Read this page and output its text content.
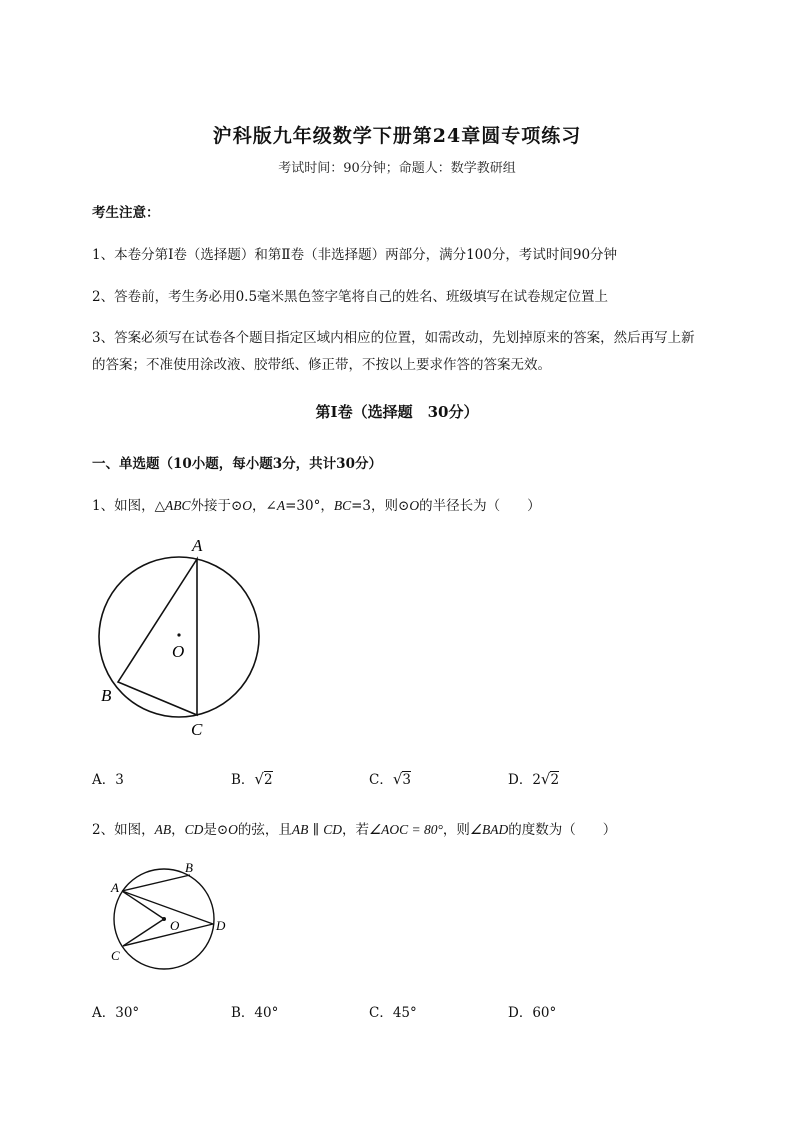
沪科版九年级数学下册第24章圆专项练习
考试时间：90分钟；命题人：数学教研组
考生注意：
1、本卷分第I卷（选择题）和第Ⅱ卷（非选择题）两部分，满分100分，考试时间90分钟
2、答卷前，考生务必用0.5毫米黑色签字笔将自己的姓名、班级填写在试卷规定位置上
3、答案必须写在试卷各个题目指定区域内相应的位置，如需改动，先划掉原来的答案，然后再写上新
的答案；不准使用涂改液、胶带纸、修正带，不按以上要求作答的答案无效。
第I卷（选择题　30分）
一、单选题（10小题，每小题3分，共计30分）
1、如图，△ABC外接于⊙O，∠A=30°，BC=3，则⊙O的半径长为（　　）
A
B
C
O
A．3	B．√2	C．√3	D．2√2
2、如图，AB，CD是⊙O的弦，且AB ∥ CD，若∠AOC = 80°，则∠BAD的度数为（　　）
A
B
C
D
O
A．30°	B．40°	C．45°	D．60°
